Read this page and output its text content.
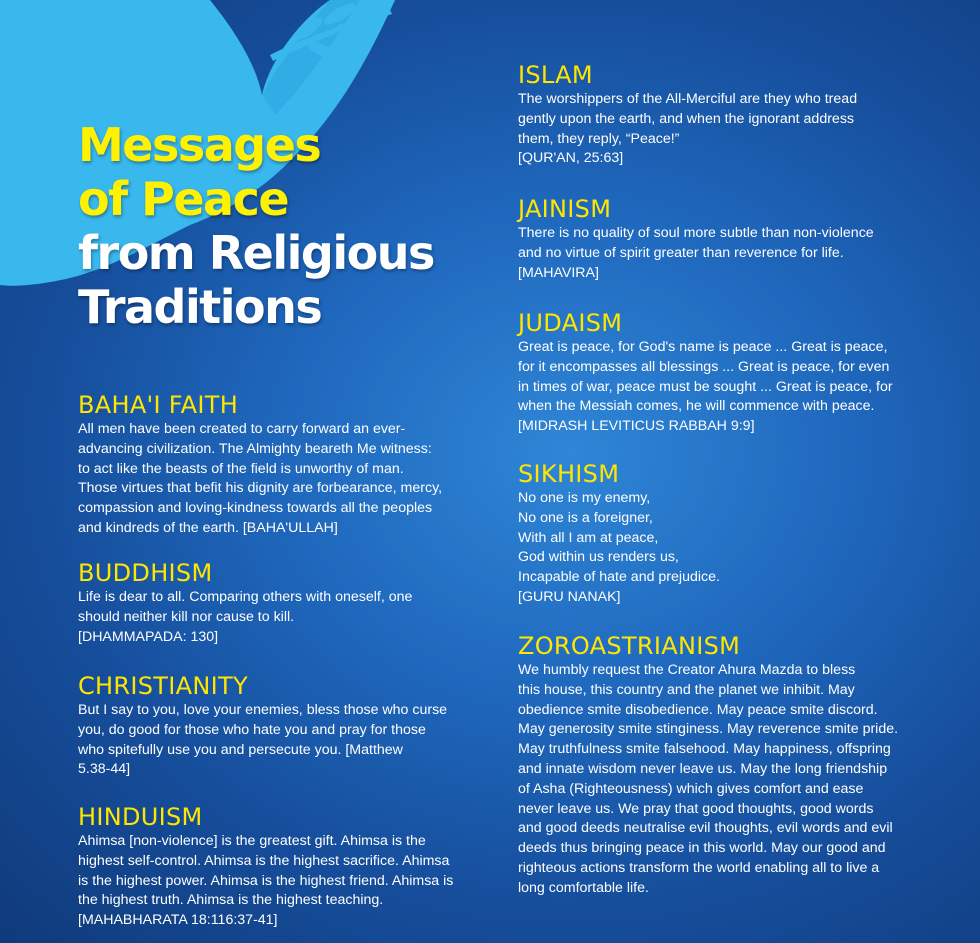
Messages
of Peace
from Religious
Traditions
BAHA'I FAITH

All men have been created to carry forward an ever-
advancing civilization. The Almighty beareth Me witness:
to act like the beasts of the field is unworthy of man.
Those virtues that befit his dignity are forbearance, mercy,
compassion and loving-kindness towards all the peoples
and kindreds of the earth. [BAHA'ULLAH]

BUDDHISM

Life is dear to all. Comparing others with oneself, one
should neither kill nor cause to kill.
[DHAMMAPADA: 130]

CHRISTIANITY

But I say to you, love your enemies, bless those who curse
you, do good for those who hate you and pray for those
who spitefully use you and persecute you. [Matthew
5.38-44]

HINDUISM

Ahimsa [non-violence] is the greatest gift. Ahimsa is the
highest self-control. Ahimsa is the highest sacrifice. Ahimsa
is the highest power. Ahimsa is the highest friend. Ahimsa is
the highest truth. Ahimsa is the highest teaching.
[MAHABHARATA 18:116:37-41]

ISLAM

The worshippers of the All-Merciful are they who tread
gently upon the earth, and when the ignorant address
them, they reply, “Peace!”
[QUR'AN, 25:63]

JAINISM

There is no quality of soul more subtle than non-violence
and no virtue of spirit greater than reverence for life.
[MAHAVIRA]

JUDAISM

Great is peace, for God's name is peace ... Great is peace,
for it encompasses all blessings ... Great is peace, for even
in times of war, peace must be sought ... Great is peace, for
when the Messiah comes, he will commence with peace.
[MIDRASH LEVITICUS RABBAH 9:9]

SIKHISM

No one is my enemy,
No one is a foreigner,
With all I am at peace,
God within us renders us,
Incapable of hate and prejudice.
[GURU NANAK]

ZOROASTRIANISM

We humbly request the Creator Ahura Mazda to bless
this house, this country and the planet we inhibit. May
obedience smite disobedience. May peace smite discord.
May generosity smite stinginess. May reverence smite pride.
May truthfulness smite falsehood. May happiness, offspring
and innate wisdom never leave us. May the long friendship
of Asha (Righteousness) which gives comfort and ease
never leave us. We pray that good thoughts, good words
and good deeds neutralise evil thoughts, evil words and evil
deeds thus bringing peace in this world. May our good and
righteous actions transform the world enabling all to live a
long comfortable life.
